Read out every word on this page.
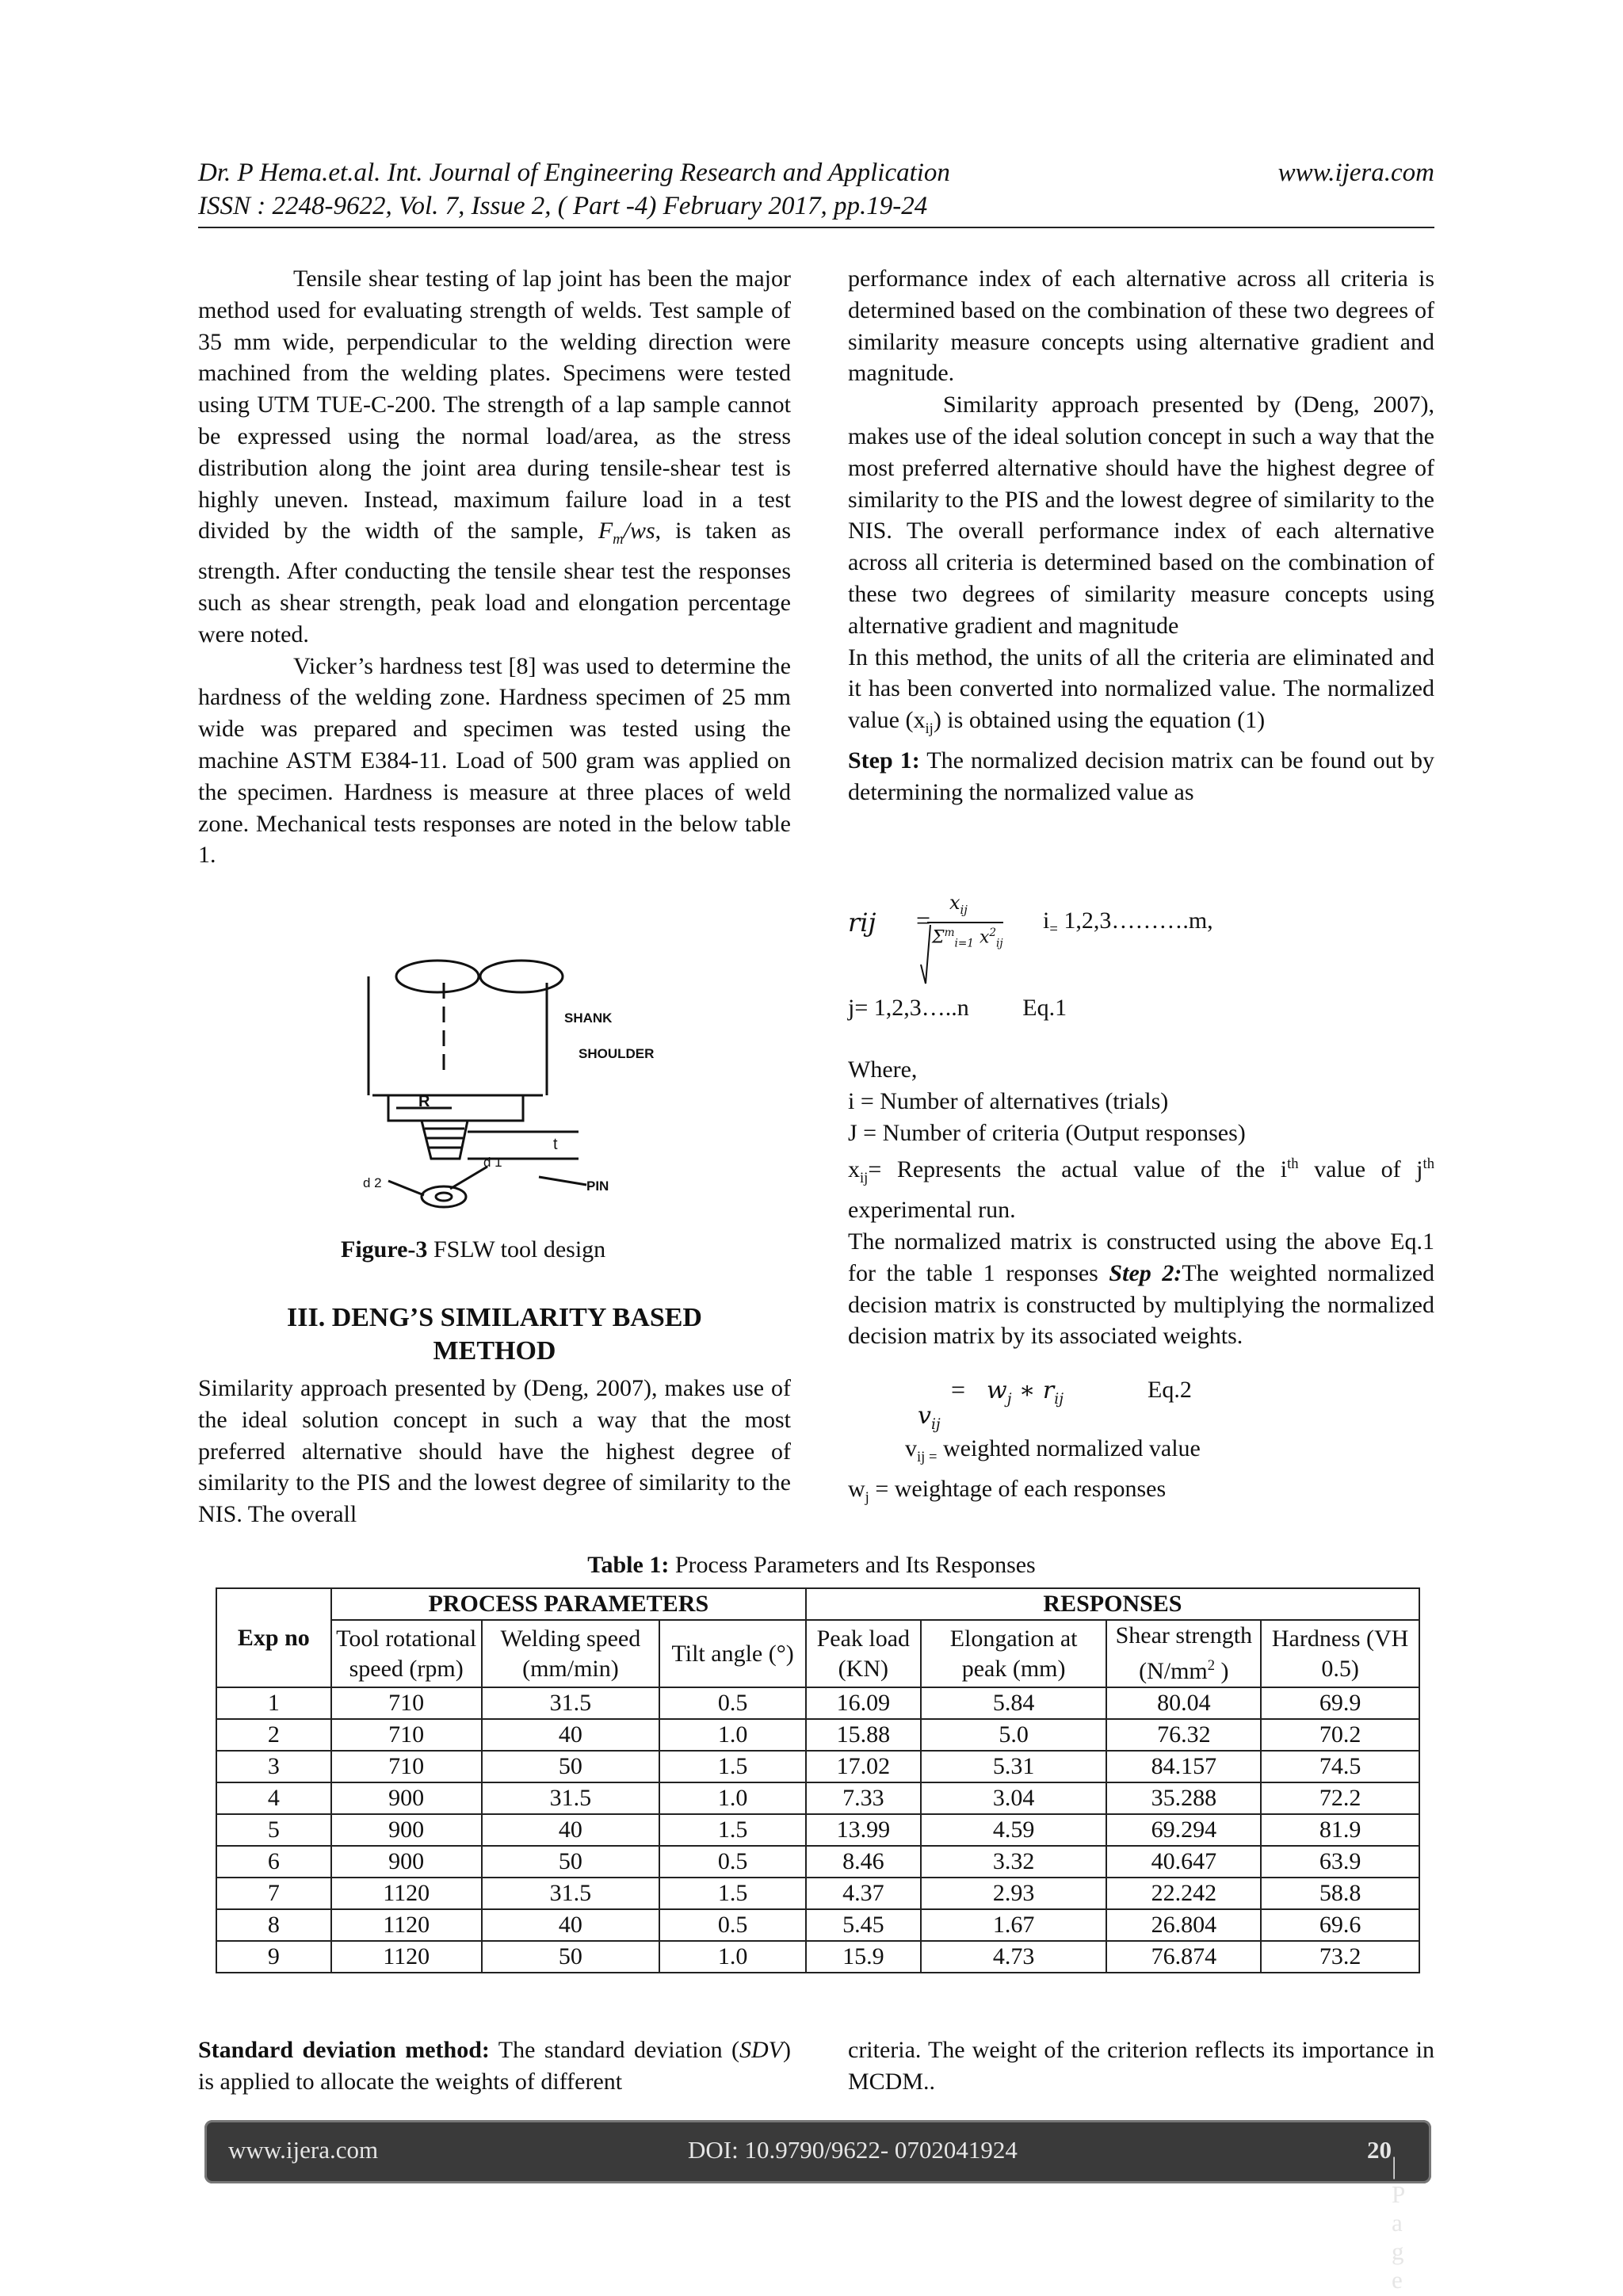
Dr. P Hema.et.al. Int. Journal of Engineering Research and Application	www.ijera.com
ISSN : 2248-9622, Vol. 7, Issue 2, ( Part -4) February 2017, pp.19-24

Tensile shear testing of lap joint has been the major method used for evaluating strength of welds. Test sample of 35 mm wide, perpendicular to the welding direction were machined from the welding plates. Specimens were tested using UTM TUE-C-200. The strength of a lap sample cannot be expressed using the normal load/area, as the stress distribution along the joint area during tensile-shear test is highly uneven. Instead, maximum failure load in a test divided by the width of the sample, $F_m/ws$, is taken as strength. After conducting the tensile shear test the responses such as shear strength, peak load and elongation percentage were noted.

Vicker’s hardness test [8] was used to determine the hardness of the welding zone. Hardness specimen of 25 mm wide was prepared and specimen was tested using the machine ASTM E384-11. Load of 500 gram was applied on the specimen. Hardness is measure at three places of weld zone. Mechanical tests responses are noted in the below table 1.

SHANK
SHOULDER
R
t
d 1
PIN
d 2
Figure-3 FSLW tool design
III. DENG’S SIMILARITY BASED
METHOD
Similarity approach presented by (Deng, 2007), makes use of the ideal solution concept in such a way that the most preferred alternative should have the highest degree of similarity to the PIS and the lowest degree of similarity to the NIS. The overall

performance index of each alternative across all criteria is determined based on the combination of these two degrees of similarity measure concepts using alternative gradient and magnitude.

Similarity approach presented by (Deng, 2007), makes use of the ideal solution concept in such a way that the most preferred alternative should have the highest degree of similarity to the PIS and the lowest degree of similarity to the NIS. The overall performance index of each alternative across all criteria is determined based on the combination of these two degrees of similarity measure concepts using alternative gradient and magnitude

In this method, the units of all the criteria are eliminated and it has been converted into normalized value. The normalized value $(x_{ij})$ is obtained using the equation (1)

Step 1: The normalized decision matrix can be found out by determining the normalized value as

rij =
$x_{ij}$
$\Sigma^m_{i=1}$ $x^2_{ij}$
$i_=$ 1,2,3……….m,
j= 1,2,3…..n Eq.1

Where,

i = Number of alternatives (trials)

J = Number of criteria (Output responses)

$x_{ij}=$ Represents the actual value of the $i^{th}$ value of $j^{th}$ experimental run.

The normalized matrix is constructed using the above Eq.1 for the table 1 responses Step 2:The weighted normalized decision matrix is constructed by multiplying the normalized decision matrix by its associated weights.

= $w_j$ ∗ $r_{ij}$	Eq.2
$v_{ij}$

$v_{ij =}$ weighted normalized value

$w_j$ = weightage of each responses

Table 1: Process Parameters and Its Responses
Exp no	PROCESS PARAMETERS			RESPONSES			
	Tool rotational speed (rpm)	Welding speed (mm/min)	Tilt angle (°)	Peak load (KN)	Elongation at peak (mm)	Shear strength ($N/mm^2$ )	Hardness (VH 0.5)
1	710	31.5	0.5	16.09	5.84	80.04	69.9
2	710	40	1.0	15.88	5.0	76.32	70.2
3	710	50	1.5	17.02	5.31	84.157	74.5
4	900	31.5	1.0	7.33	3.04	35.288	72.2
5	900	40	1.5	13.99	4.59	69.294	81.9
6	900	50	0.5	8.46	3.32	40.647	63.9
7	1120	31.5	1.5	4.37	2.93	22.242	58.8
8	1120	40	0.5	5.45	1.67	26.804	69.6
9	1120	50	1.0	15.9	4.73	76.874	73.2
Standard deviation method: The standard deviation (SDV) is applied to allocate the weights of different
criteria. The weight of the criterion reflects its importance in MCDM..
www.ijera.com	DOI: 10.9790/9622- 0702041924	20
| P a g e
